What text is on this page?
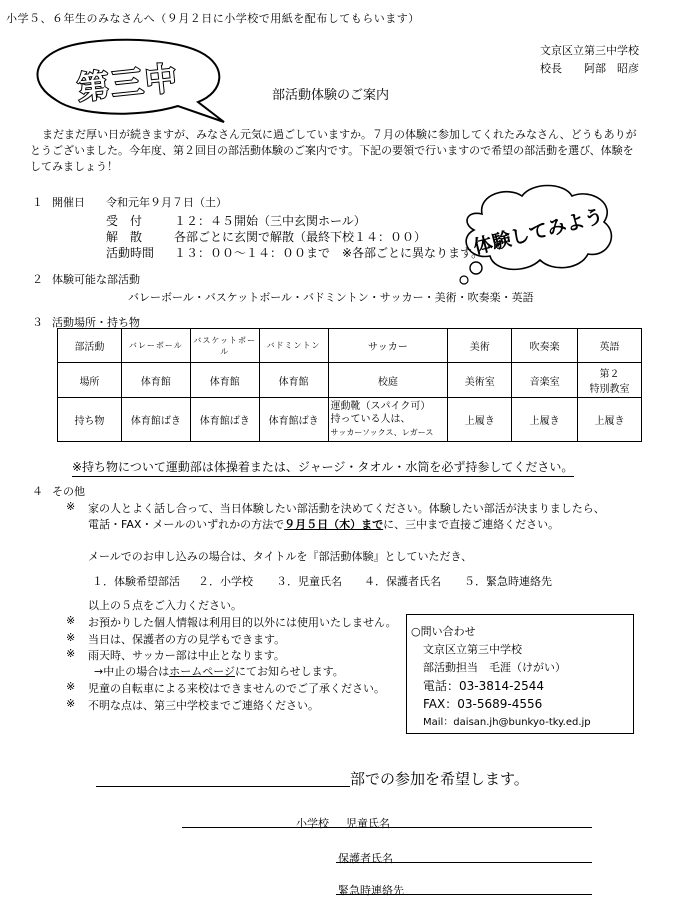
小学５、６年生のみなさんへ（９月２日に小学校で用紙を配布してもらいます）
文京区立第三中学校
校長　　阿部　昭彦
第三中	部活動体験のご案内
まだまだ厚い日が続きますが、みなさん元気に過ごしていますか。７月の体験に参加してくれたみなさん、どうもありが
とうございました。今年度、第２回目の部活動体験のご案内です。下記の要領で行いますので希望の部活動を選び、体験を
してみましょう！
体験してみよう
１ 開催日 令和元年９月７日（土）
受　付	１２：４５開始（三中玄関ホール）
解　散	各部ごとに玄関で解散（最終下校１４：００）
活動時間 １３：００～１４：００まで　※各部ごとに異なります。
２ 体験可能な部活動
バレーボール・バスケットボール・バドミントン・サッカー・美術・吹奏楽・英語
３ 活動場所・持ち物
部活動	バレーボール	バスケットボール	バドミントン	サッカー	美術	吹奏楽	英語
場所	体育館	体育館	体育館	校庭	美術室	音楽室	第２
特別教室

持ち物	体育館ばき	体育館ばき	体育館ばき	運動靴（スパイク可）
持っている人は、
サッカーソックス、レガース	上履き	上履き	上履き
※持ち物について運動部は体操着または、ジャージ・タオル・水筒を必ず持参してください。
４ その他
※ 家の人とよく話し合って、当日体験したい部活動を決めてください。体験したい部活が決まりましたら、
電話・FAX・メールのいずれかの方法で９月５日（木）までに、三中まで直接ご連絡ください。
メールでのお申し込みの場合は、タイトルを『部活動体験』としていただき、
１．体験希望部活 ２．小学校 ３．児童氏名 ４．保護者氏名 ５．緊急時連絡先
以上の５点をご入力ください。
※ お預かりした個人情報は利用目的以外には使用いたしません。
※ 当日は、保護者の方の見学もできます。
※ 雨天時、サッカー部は中止となります。
→中止の場合はホームページにてお知らせします。
※ 児童の自転車による来校はできませんのでご了承ください。
※ 不明な点は、第三中学校までご連絡ください。
○問い合わせ
文京区立第三中学校
部活動担当　毛涯（けがい）
電話：03-3814-2544
FAX：03-5689-4556
Mail：daisan.jh@bunkyo-tky.ed.jp
部での参加を希望します。
小学校 児童氏名
保護者氏名
緊急時連絡先
